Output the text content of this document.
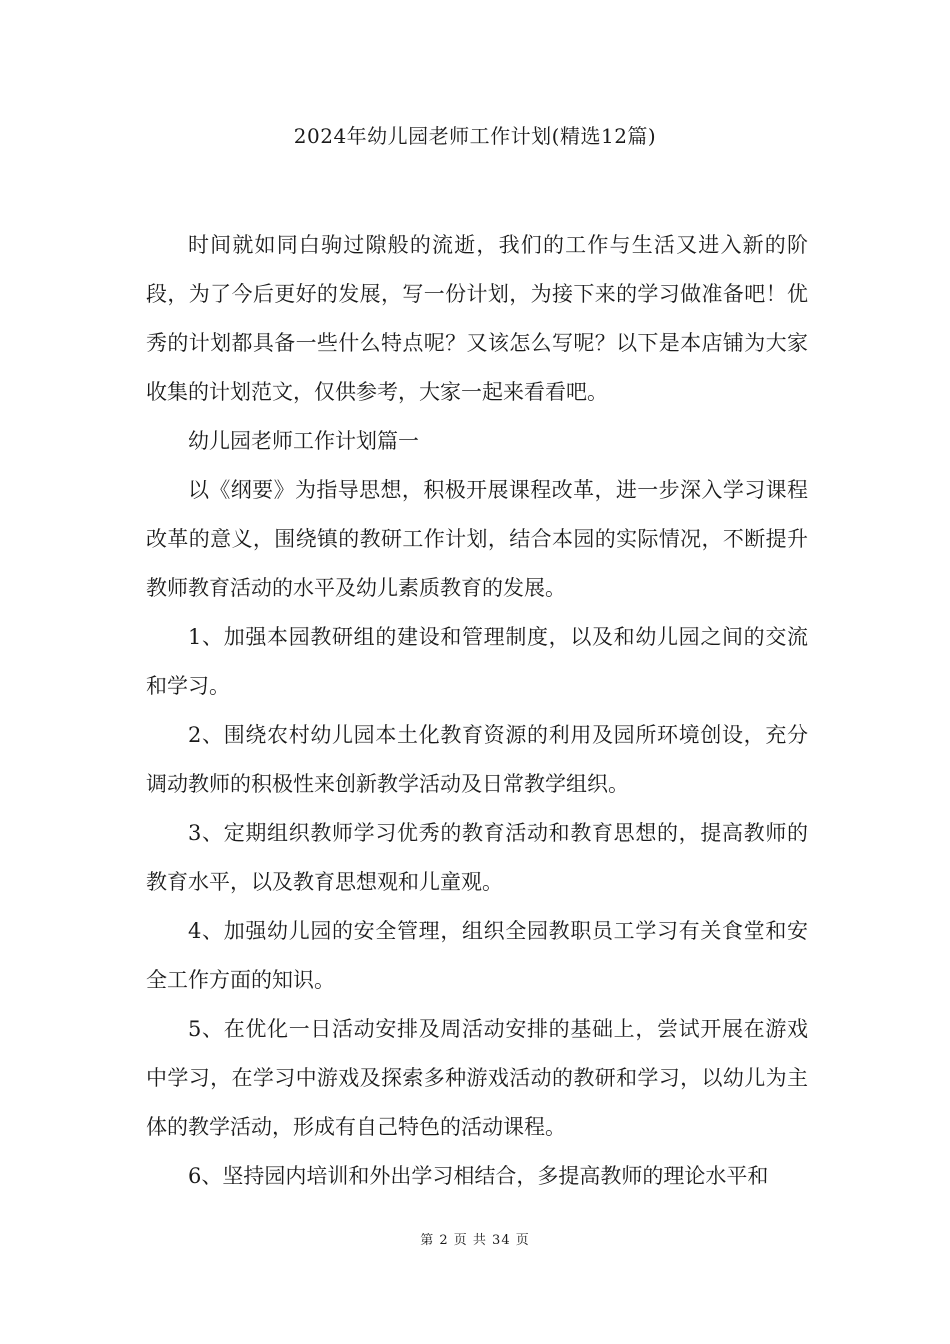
2024年幼儿园老师工作计划(精选12篇)

时间就如同白驹过隙般的流逝，我们的工作与生活又进入新的阶段，为了今后更好的发展，写一份计划，为接下来的学习做准备吧！优秀的计划都具备一些什么特点呢？又该怎么写呢？以下是本店铺为大家收集的计划范文，仅供参考，大家一起来看看吧。

幼儿园老师工作计划篇一

以《纲要》为指导思想，积极开展课程改革，进一步深入学习课程改革的意义，围绕镇的教研工作计划，结合本园的实际情况，不断提升教师教育活动的水平及幼儿素质教育的发展。

1、加强本园教研组的建设和管理制度，以及和幼儿园之间的交流和学习。

2、围绕农村幼儿园本土化教育资源的利用及园所环境创设，充分调动教师的积极性来创新教学活动及日常教学组织。

3、定期组织教师学习优秀的教育活动和教育思想的，提高教师的教育水平，以及教育思想观和儿童观。

4、加强幼儿园的安全管理，组织全园教职员工学习有关食堂和安全工作方面的知识。

5、在优化一日活动安排及周活动安排的基础上，尝试开展在游戏中学习，在学习中游戏及探索多种游戏活动的教研和学习，以幼儿为主体的教学活动，形成有自己特色的活动课程。

6、坚持园内培训和外出学习相结合，多提高教师的理论水平和

第 2 页 共 34 页
